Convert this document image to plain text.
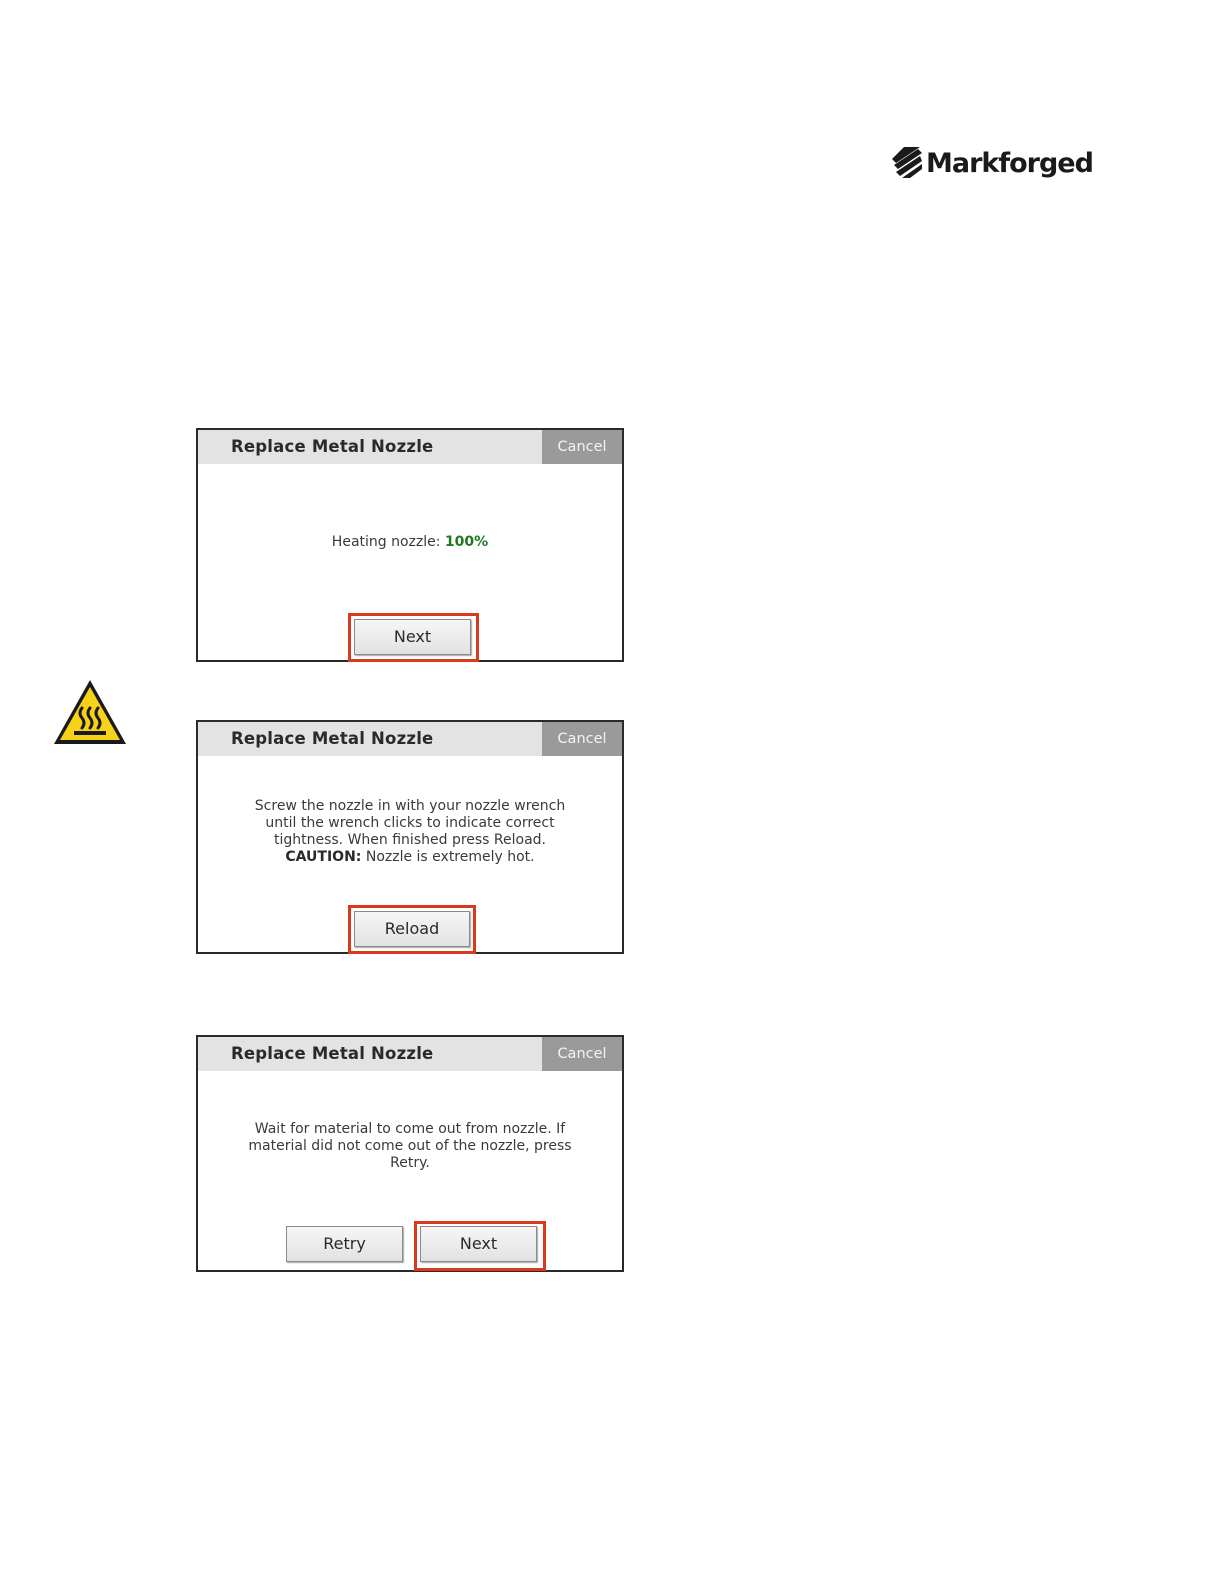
Markforged
Replace Metal Nozzle	Cancel
Heating nozzle: 100%
Next
Replace Metal Nozzle	Cancel
Screw the nozzle in with your nozzle wrench
until the wrench clicks to indicate correct
tightness. When finished press Reload.
CAUTION: Nozzle is extremely hot.
Reload
Replace Metal Nozzle	Cancel
Wait for material to come out from nozzle. If
material did not come out of the nozzle, press
Retry.
Retry	Next
